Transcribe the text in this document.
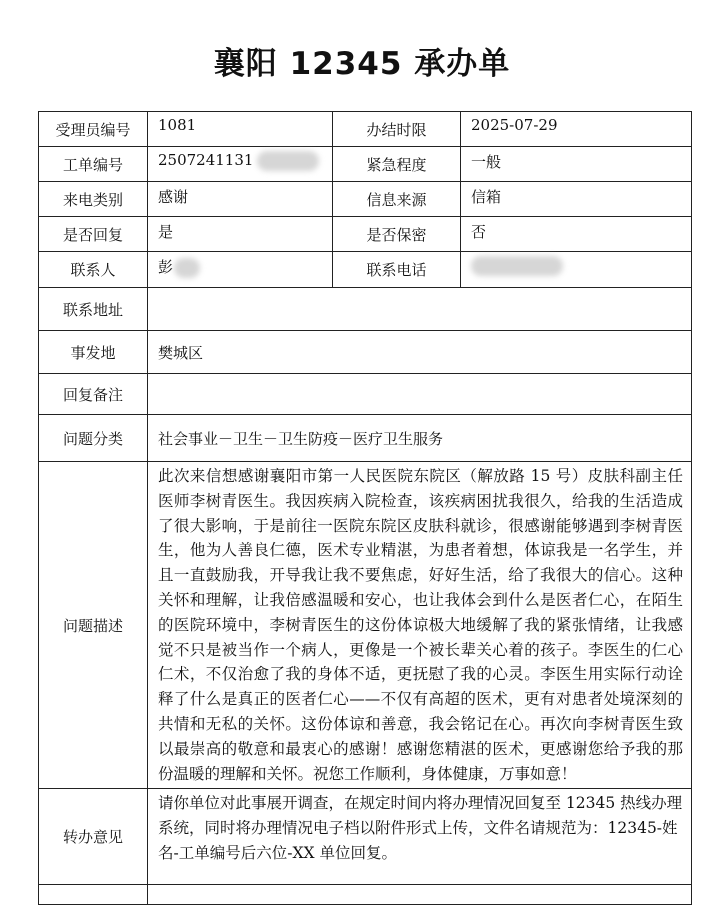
襄阳 12345 承办单
受理员编号	1081	办结时限	2025-07-29
工单编号	2507241131	紧急程度	一般
来电类别	感谢	信息来源	信箱
是否回复	是	是否保密	否
联系人	彭	联系电话	
联系地址			
事发地	樊城区		
回复备注			
问题分类	社会事业－卫生－卫生防疫－医疗卫生服务		
问题描述	此次来信想感谢襄阳市第一人民医院东院区（解放路 15 号）皮肤科副主任医师李树青医生。我因疾病入院检查，该疾病困扰我很久，给我的生活造成了很大影响，于是前往一医院东院区皮肤科就诊，很感谢能够遇到李树青医生，他为人善良仁德，医术专业精湛，为患者着想，体谅我是一名学生，并且一直鼓励我，开导我让我不要焦虑，好好生活，给了我很大的信心。这种关怀和理解，让我倍感温暖和安心，也让我体会到什么是医者仁心，在陌生的医院环境中，李树青医生的这份体谅极大地缓解了我的紧张情绪，让我感觉不只是被当作一个病人，更像是一个被长辈关心着的孩子。李医生的仁心仁术，不仅治愈了我的身体不适，更抚慰了我的心灵。李医生用实际行动诠释了什么是真正的医者仁心——不仅有高超的医术，更有对患者处境深刻的共情和无私的关怀。这份体谅和善意，我会铭记在心。再次向李树青医生致以最崇高的敬意和最衷心的感谢！感谢您精湛的医术，更感谢您给予我的那份温暖的理解和关怀。祝您工作顺利，身体健康，万事如意！		
转办意见	请你单位对此事展开调查，在规定时间内将办理情况回复至 12345 热线办理系统，同时将办理情况电子档以附件形式上传，文件名请规范为：12345-姓名-工单编号后六位-XX 单位回复。		
